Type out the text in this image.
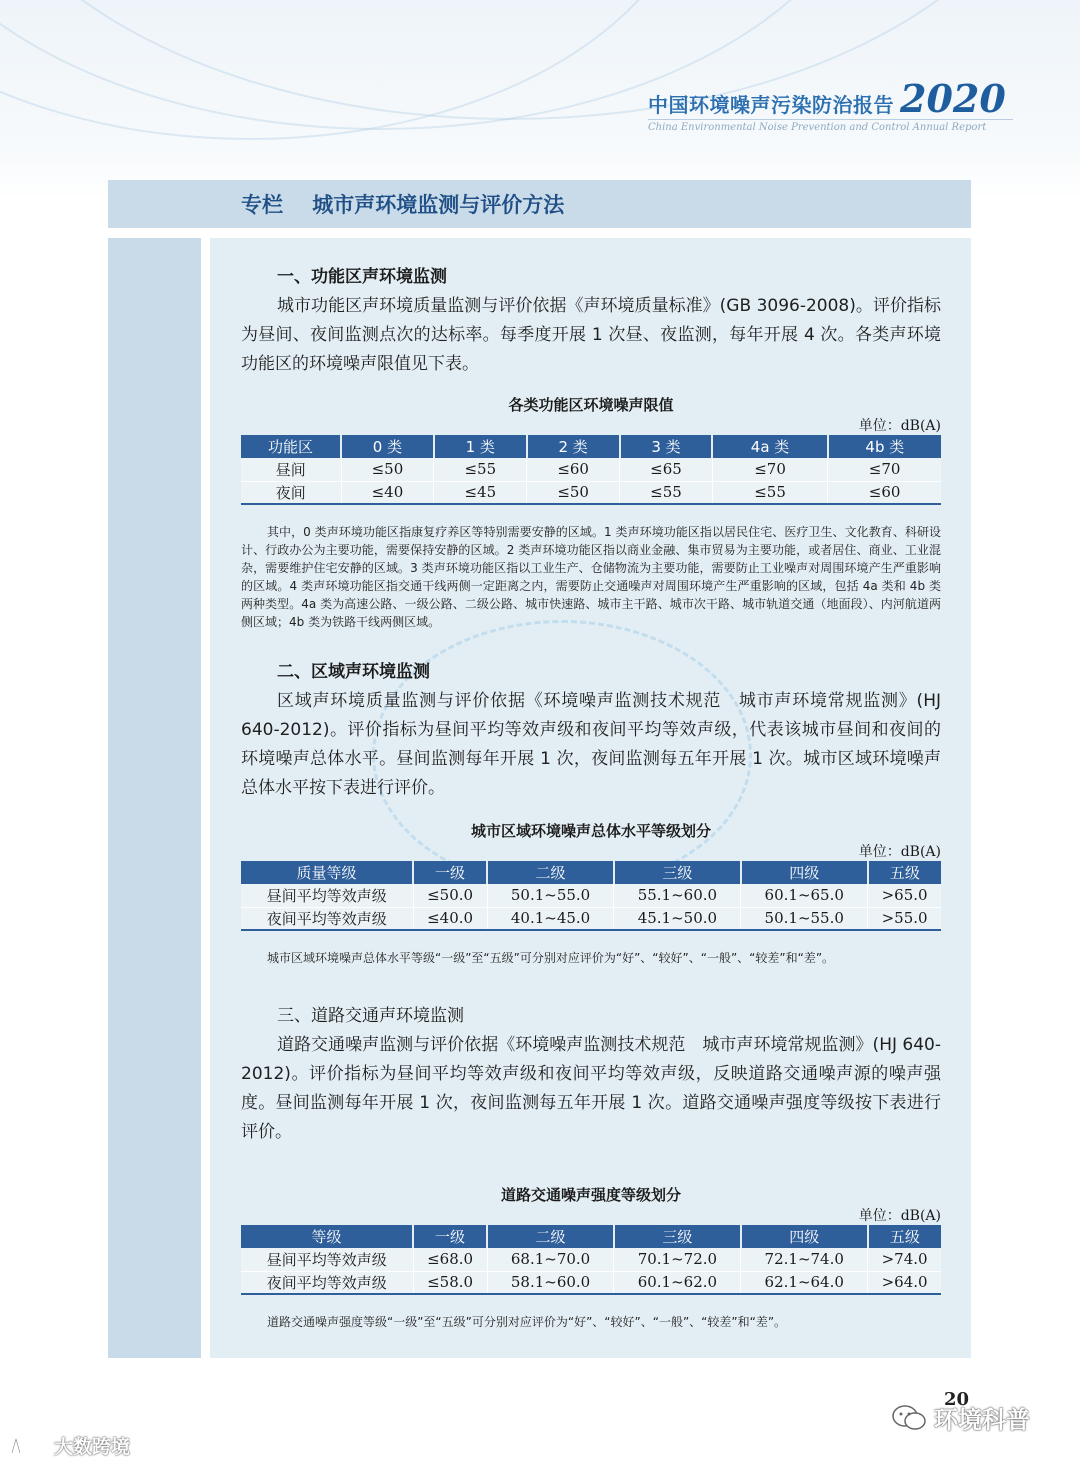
中国环境噪声污染防治报告 2020
China Environmental Noise Prevention and Control Annual Report
专栏    城市声环境监测与评价方法
一、功能区声环境监测

城市功能区声环境质量监测与评价依据《声环境质量标准》(GB 3096-2008)。评价指标为昼间、夜间监测点次的达标率。每季度开展 1 次昼、夜监测，每年开展 4 次。各类声环境功能区的环境噪声限值见下表。

各类功能区环境噪声限值
单位：dB(A)
功能区	0 类	1 类	2 类	3 类	4a 类	4b 类
昼间	≤50	≤55	≤60	≤65	≤70	≤70
夜间	≤40	≤45	≤50	≤55	≤55	≤60

其中，0 类声环境功能区指康复疗养区等特别需要安静的区域。1 类声环境功能区指以居民住宅、医疗卫生、文化教育、科研设计、行政办公为主要功能，需要保持安静的区域。2 类声环境功能区指以商业金融、集市贸易为主要功能，或者居住、商业、工业混杂，需要维护住宅安静的区域。3 类声环境功能区指以工业生产、仓储物流为主要功能，需要防止工业噪声对周围环境产生严重影响的区域。4 类声环境功能区指交通干线两侧一定距离之内，需要防止交通噪声对周围环境产生严重影响的区域，包括 4a 类和 4b 类两种类型。4a 类为高速公路、一级公路、二级公路、城市快速路、城市主干路、城市次干路、城市轨道交通（地面段）、内河航道两侧区域；4b 类为铁路干线两侧区域。

二、区域声环境监测

区域声环境质量监测与评价依据《环境噪声监测技术规范　城市声环境常规监测》(HJ 640-2012)。评价指标为昼间平均等效声级和夜间平均等效声级，代表该城市昼间和夜间的环境噪声总体水平。昼间监测每年开展 1 次，夜间监测每五年开展 1 次。城市区域环境噪声总体水平按下表进行评价。

城市区域环境噪声总体水平等级划分
单位：dB(A)
质量等级	一级	二级	三级	四级	五级
昼间平均等效声级	≤50.0	50.1~55.0	55.1~60.0	60.1~65.0	>65.0
夜间平均等效声级	≤40.0	40.1~45.0	45.1~50.0	50.1~55.0	>55.0

城市区域环境噪声总体水平等级“一级”至“五级”可分别对应评价为“好”、“较好”、“一般”、“较差”和“差”。

三、道路交通声环境监测

道路交通噪声监测与评价依据《环境噪声监测技术规范　城市声环境常规监测》(HJ 640-2012)。评价指标为昼间平均等效声级和夜间平均等效声级，反映道路交通噪声源的噪声强度。昼间监测每年开展 1 次，夜间监测每五年开展 1 次。道路交通噪声强度等级按下表进行评价。

道路交通噪声强度等级划分
单位：dB(A)
等级	一级	二级	三级	四级	五级
昼间平均等效声级	≤68.0	68.1~70.0	70.1~72.0	72.1~74.0	>74.0
夜间平均等效声级	≤58.0	58.1~60.0	60.1~62.0	62.1~64.0	>64.0

道路交通噪声强度等级“一级”至“五级”可分别对应评价为“好”、“较好”、“一般”、“较差”和“差”。

20
环境科普
大数跨境
